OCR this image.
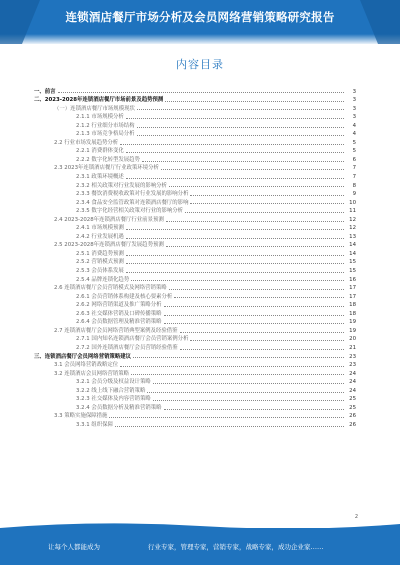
连锁酒店餐厅市场分析及会员网络营销策略研究报告
内容目录
一、前言	3
二、2023-2028年连锁酒店餐厅市场前景及趋势预测	3
（一）连锁酒店餐厅市场规模现状	3
2.1.1 市场规模分析	3
2.1.2 行业细分市场结构	4
2.1.3 市场竞争格局分析	4
2.2 行业市场发展趋势分析	5
2.2.1 消费群体变化	5
2.2.2 数字化转型发展趋势	6
2.3 2023年连锁酒店餐厅行业政策环境分析	7
2.3.1 政策环境概述	7
2.3.2 相关政策对行业发展的影响分析	8
2.3.3 餐饮消费税收政策对行业发展的影响分析	9
2.3.4 食品安全监管政策对连锁酒店餐厅的影响	10
2.3.5 数字化经营相关政策对行业的影响分析	11
2.4 2023-2028年连锁酒店餐厅行业前景预测	12
2.4.1 市场规模预测	12
2.4.2 行业发展机遇	13
2.5 2023-2028年连锁酒店餐厅发展趋势预测	14
2.5.1 消费趋势预测	14
2.5.2 营销模式预测	15
2.5.3 会员体系发展	15
2.5.4 品牌连锁化趋势	16
2.6 连锁酒店餐厅会员营销模式及网络营销策略	17
2.6.1 会员营销体系构建及核心要素分析	17
2.6.2 网络营销渠道及推广策略分析	18
2.6.3 社交媒体营销及口碑传播策略	18
2.6.4 会员数据管理及精准营销策略	19
2.7 连锁酒店餐厅会员网络营销典型案例及经验借鉴	19
2.7.1 国内知名连锁酒店餐厅会员营销案例分析	20
2.7.2 国外连锁酒店餐厅会员营销经验借鉴	21
三、连锁酒店餐厅会员网络营销策略建议	23
3.1 会员网络营销战略定位	23
3.2 连锁酒店会员网络营销策略	24
3.2.1 会员分级及权益设计策略	24
3.2.2 线上线下融合营销策略	24
3.2.3 社交媒体及内容营销策略	25
3.2.4 会员数据分析及精准营销策略	25
3.3 策略实施保障措施	26
3.3.1 组织保障	26
2
让每个人都能成为	行业专家，管理专家，营销专家，战略专家，成功企业家……
